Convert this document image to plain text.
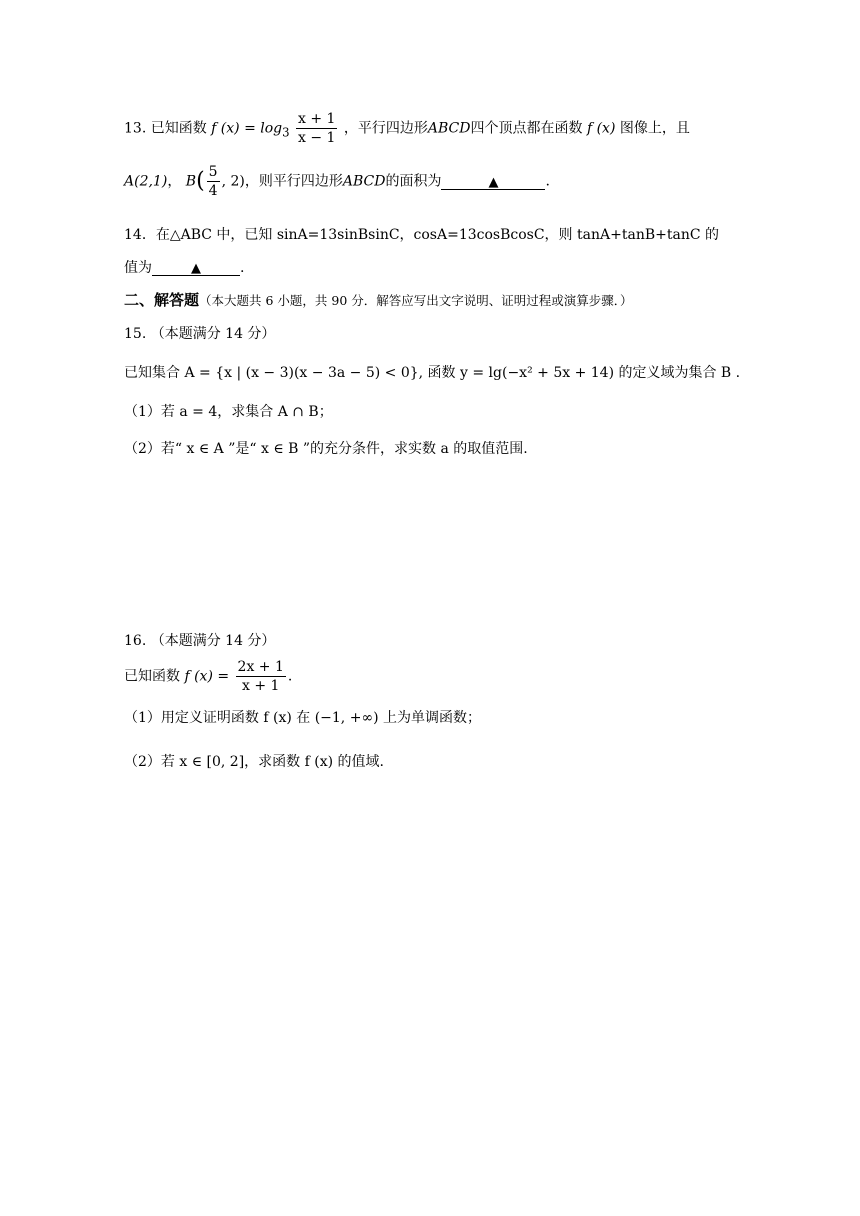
13. 已知函数 f $(x) = \log_3 \frac{x + 1}{x - 1}$ ，平行四边形ABCD四个顶点都在函数 f (x) 图像上，且
A(2,1)， $B( \frac{5}{4}$ , 2)，则平行四边形ABCD的面积为	▲	.
14．在△ABC 中，已知 sinA=13sinBsinC，cosA=13cosBcosC，则 tanA+tanB+tanC 的
值为	▲	.
二、解答题（本大题共 6 小题，共 90 分．解答应写出文字说明、证明过程或演算步骤．）
15. （本题满分 14 分）
已知集合 A = {x | (x − 3)(x − 3a − 5) < 0}, 函数 y = lg(−x² + 5x + 14) 的定义域为集合 B .
（1）若 a = 4，求集合 A ∩ B；
（2）若“ x ∈ A ”是“ x ∈ B ”的充分条件，求实数 a 的取值范围.
16. （本题满分 14 分）
已知函数 f $(x) = \frac{2x + 1}{x + 1}$ .
（1）用定义证明函数 f (x) 在 (−1, +∞) 上为单调函数；
（2）若 x ∈ [0, 2]，求函数 f (x) 的值域.
